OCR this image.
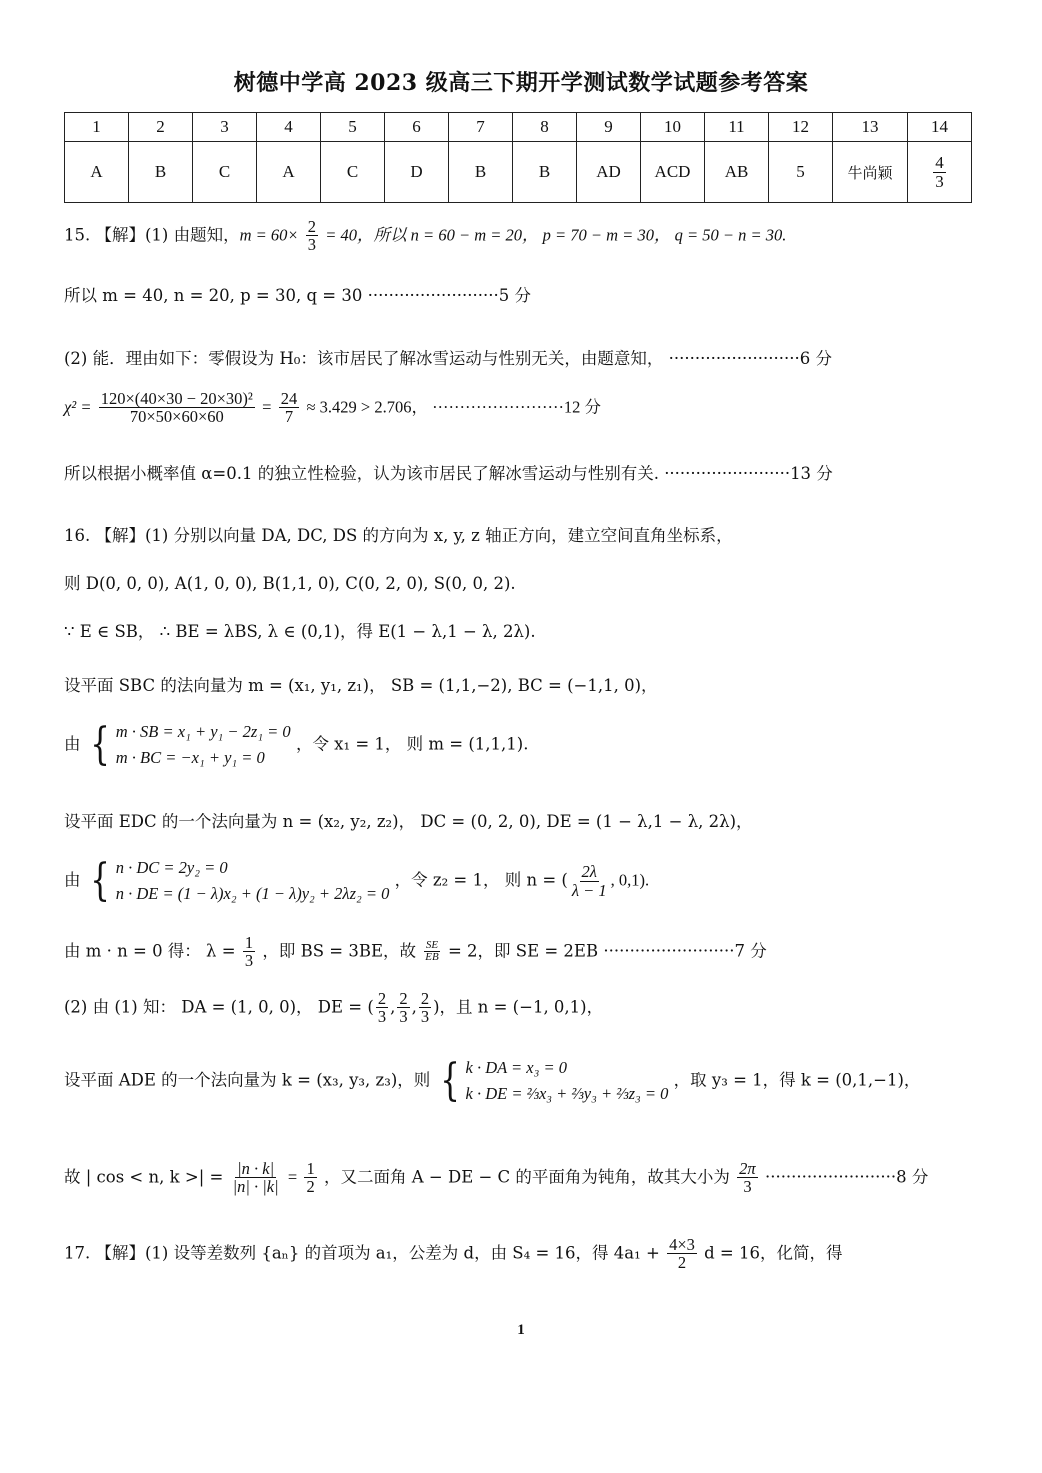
树德中学高 2023 级高三下期开学测试数学试题参考答案
1	2	3	4	5	6	7	8	9	10	11	12	13	14
A	B	C	A	C	D	B	B	AD	ACD	AB	5	牛尚颖	$\frac{4}{3}$
15. 【解】(1) 由题知，$m = 60\times \frac{2}{3} = 40$，所以 n = 60 − m = 20， p = 70 − m = 30， q = 50 − n = 30.
所以 m = 40, n = 20, p = 30, q = 30 ·························5 分
(2) 能．理由如下：零假设为 H₀：该市居民了解冰雪运动与性别无关，由题意知， ·························6 分
$\chi^2 = \frac{\text{120×(40×30 − 20×30)²}}{70\times 50\times 60\times 60} = \frac{24}{7} \approx 3.429 > 2.706$， ························12 分
所以根据小概率值 α=0.1 的独立性检验，认为该市居民了解冰雪运动与性别有关. ························13 分
16. 【解】(1) 分别以向量 DA, DC, DS 的方向为 x, y, z 轴正方向，建立空间直角坐标系，
则 D(0, 0, 0), A(1, 0, 0), B(1,1, 0), C(0, 2, 0), S(0, 0, 2).
∵ E ∈ SB， ∴ BE = λBS, λ ∈ (0,1)，得 E(1 − λ,1 − λ, 2λ).
设平面 SBC 的法向量为 m = (x₁, y₁, z₁)， SB = (1,1,−2), BC = (−1,1, 0)，
由 { m · SB = x₁ + y₁ − 2z₁ = 0
m · BC = −x₁ + y₁ = 0
，令 x₁ = 1， 则 m = (1,1,1).
设平面 EDC 的一个法向量为 n = (x₂, y₂, z₂)， DC = (0, 2, 0), DE = (1 − λ,1 − λ, 2λ)，
由 { n · DC = 2y₂ = 0
n · DE = (1 − λ)x₂ + (1 − λ)y₂ + 2λz₂ = 0
，令 z₂ = 1， 则 n = ( $\frac{2\lambda}{\lambda - 1}$ , 0,1).
由 m · n = 0 得： $\lambda = \frac{1}{3}$ ，即 BS = 3BE，故 $\frac{SE}{EB} = 2$，即 SE = 2EB ·························7 分
(2) 由 (1) 知： DA = (1, 0, 0)， DE = ( $\frac{2}{3}$ , $\frac{2}{3}$ , $\frac{2}{3}$ )，且 n = (−1, 0,1)，
设平面 ADE 的一个法向量为 k = (x₃, y₃, z₃)，则 { k · DA = x₃ = 0
k · DE = ⅔x₃ + ⅔y₃ + ⅔z₃ = 0
，取 y₃ = 1，得 k = (0,1,−1)，
故 | cos < n, k >| = $\frac{|n \cdot k|}{|n| \cdot |k|} = \frac{1}{2}$ ，又二面角 A − DE − C 的平面角为钝角，故其大小为 $\frac{2\pi}{3} \cdot\cdot\cdot\cdot\cdot\cdot\cdot\cdot\cdot\cdot\cdot\cdot\cdot\cdot\cdot\cdot\cdot\cdot\cdot\cdot\cdot\cdot\cdot\cdot\cdot 8$ 分
17. 【解】(1) 设等差数列 {aₙ} 的首项为 a₁，公差为 d，由 S₄ = 16，得 $4a_1 + \frac{4\times 3}{2}$ d = 16，化简，得
1
